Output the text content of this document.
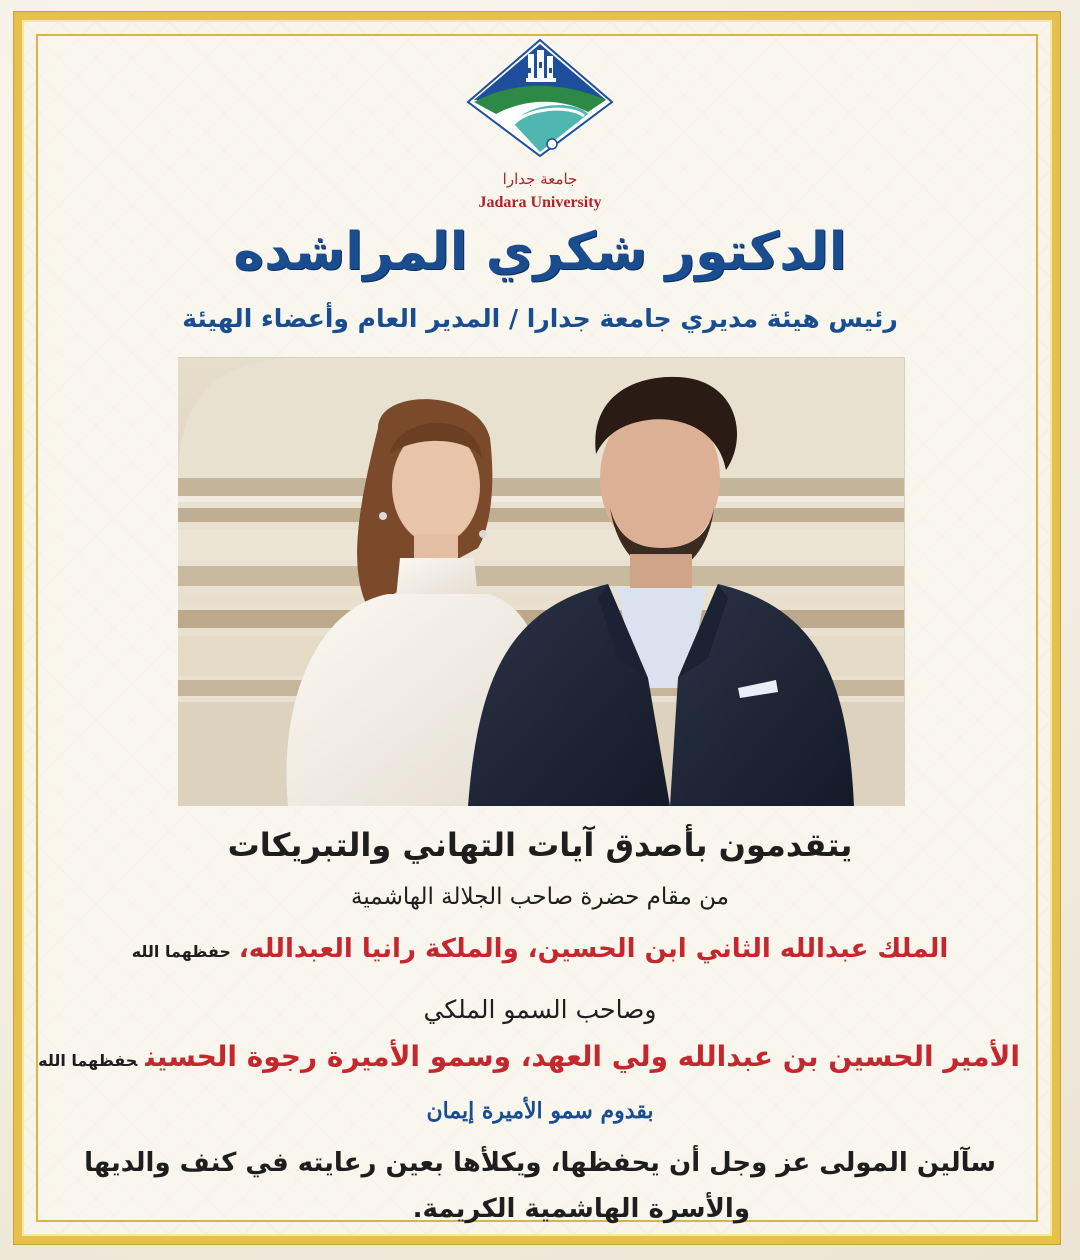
جامعة جدارا
Jadara University
الدكتور شكري المراشده
رئيس هيئة مديري جامعة جدارا / المدير العام وأعضاء الهيئة
يتقدمون بأصدق آيات التهاني والتبريكات
من مقام حضرة صاحب الجلالة الهاشمية
الملك عبدالله الثاني ابن الحسين، والملكة رانيا العبدالله،حفظهما الله
وصاحب السمو الملكي
الأمير الحسين بن عبدالله ولي العهد، وسمو الأميرة رجوة الحسينحفظهما الله
بقدوم سمو الأميرة إيمان
سآلين المولى عز وجل أن يحفظها، ويكلأها بعين رعايته في كنف والديها
والأسرة الهاشمية الكريمة.
